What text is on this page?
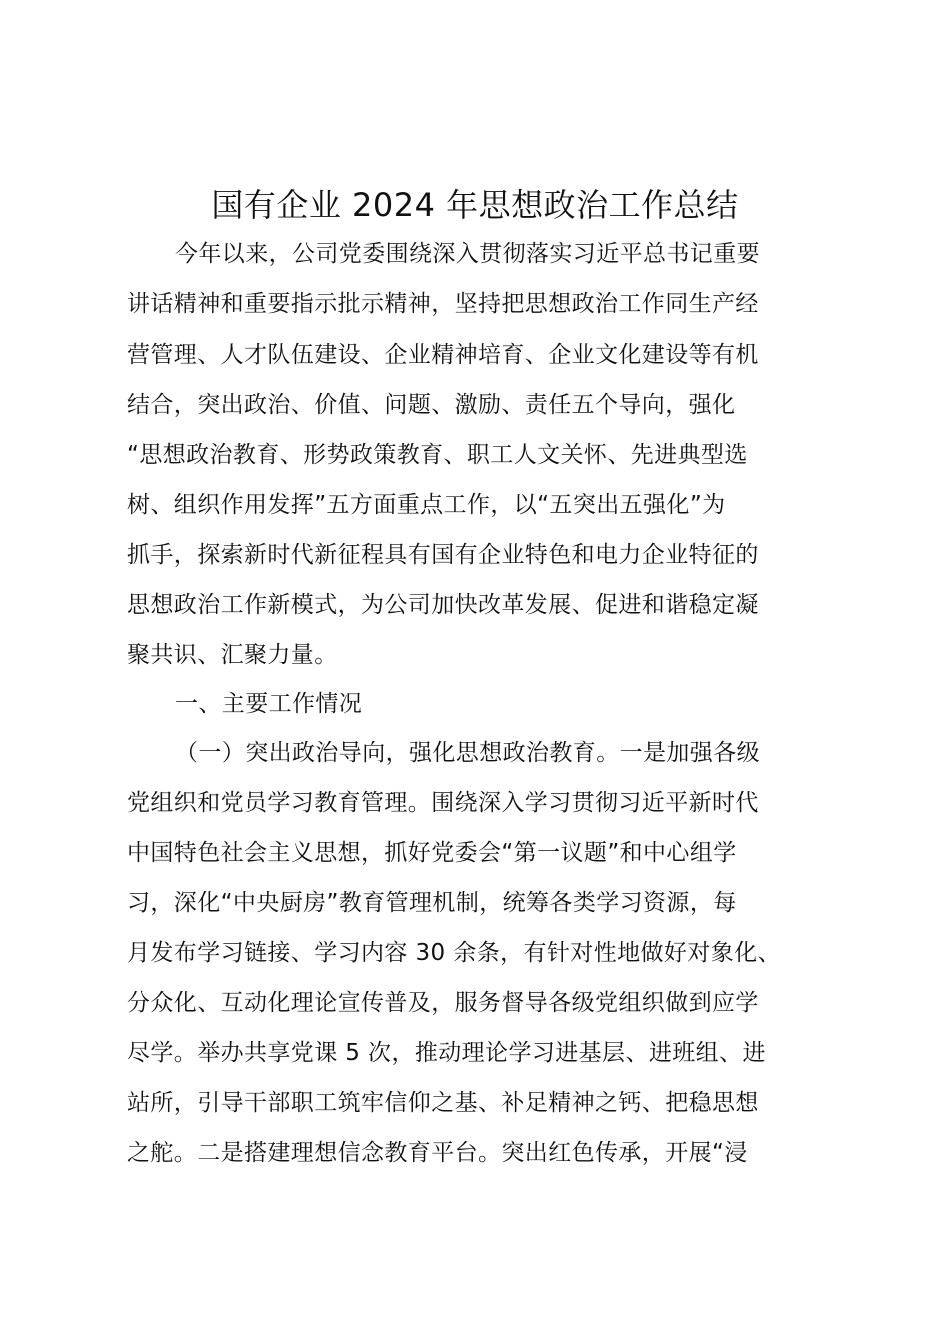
国有企业 2024 年思想政治工作总结
今年以来，公司党委围绕深入贯彻落实习近平总书记重要
讲话精神和重要指示批示精神，坚持把思想政治工作同生产经
营管理、人才队伍建设、企业精神培育、企业文化建设等有机
结合，突出政治、价值、问题、激励、责任五个导向，强化
“思想政治教育、形势政策教育、职工人文关怀、先进典型选
树、组织作用发挥”五方面重点工作，以“五突出五强化”为
抓手，探索新时代新征程具有国有企业特色和电力企业特征的
思想政治工作新模式，为公司加快改革发展、促进和谐稳定凝
聚共识、汇聚力量。
一、主要工作情况
（一）突出政治导向，强化思想政治教育。一是加强各级
党组织和党员学习教育管理。围绕深入学习贯彻习近平新时代
中国特色社会主义思想，抓好党委会“第一议题”和中心组学
习，深化“中央厨房”教育管理机制，统筹各类学习资源，每
月发布学习链接、学习内容 30 余条，有针对性地做好对象化、
分众化、互动化理论宣传普及，服务督导各级党组织做到应学
尽学。举办共享党课 5 次，推动理论学习进基层、进班组、进
站所，引导干部职工筑牢信仰之基、补足精神之钙、把稳思想
之舵。二是搭建理想信念教育平台。突出红色传承，开展“浸
